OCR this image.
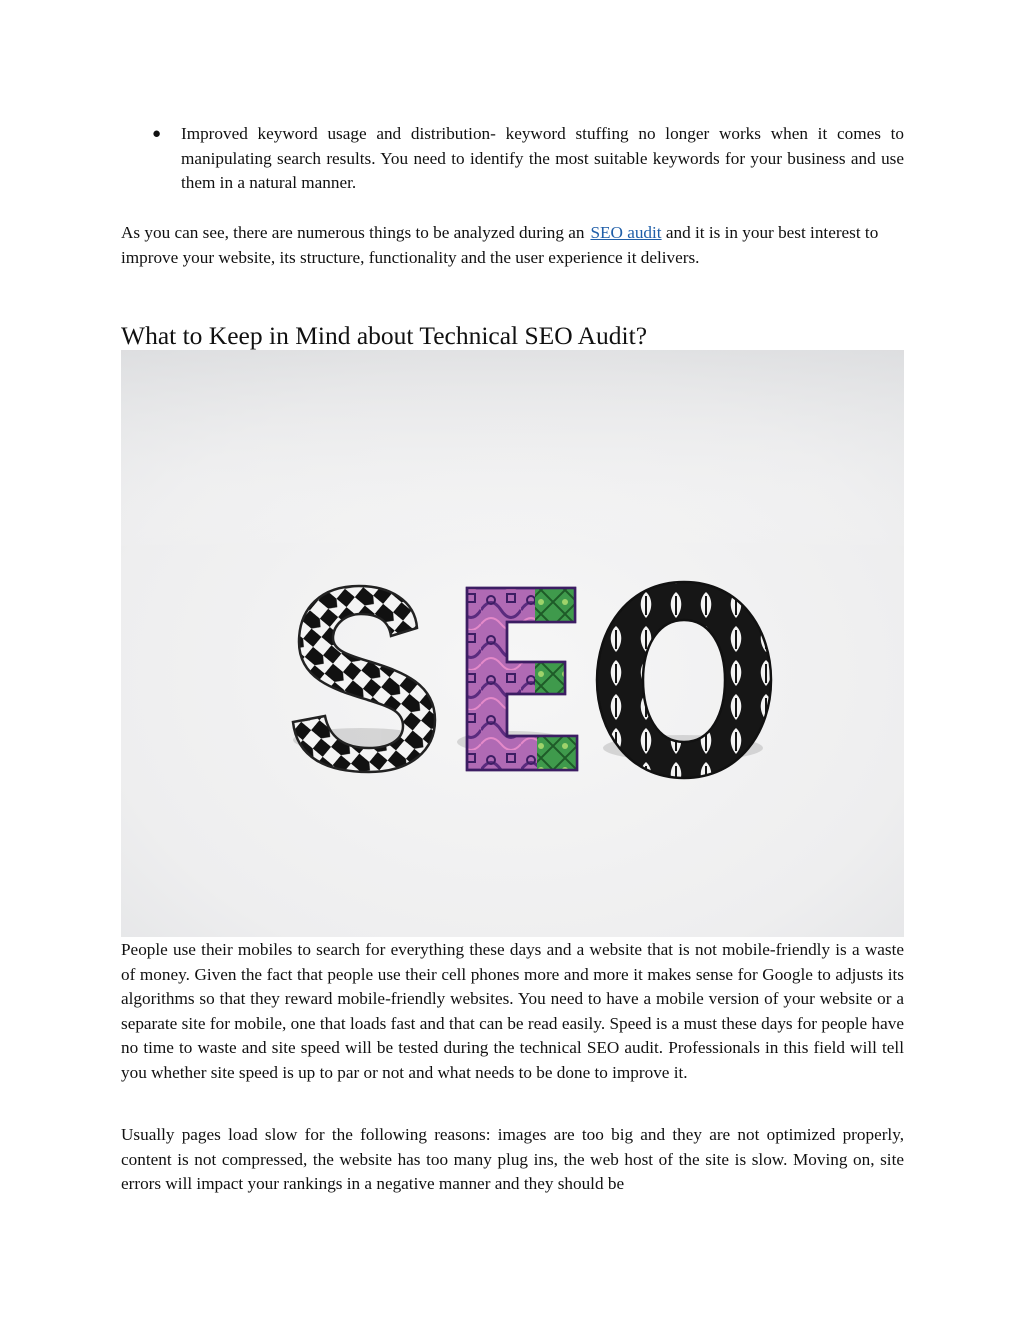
● Improved keyword usage and distribution- keyword stuffing no longer works when it comes to manipulating search results. You need to identify the most suitable keywords for your business and use them in a natural manner.

As you can see, there are numerous things to be analyzed during an SEO audit and it is in your best interest to improve your website, its structure, functionality and the user experience it delivers.

What to Keep in Mind about Technical SEO Audit?

People use their mobiles to search for everything these days and a website that is not mobile-friendly is a waste of money. Given the fact that people use their cell phones more and more it makes sense for Google to adjusts its algorithms so that they reward mobile-friendly websites. You need to have a mobile version of your website or a separate site for mobile, one that loads fast and that can be read easily. Speed is a must these days for people have no time to waste and site speed will be tested during the technical SEO audit. Professionals in this field will tell you whether site speed is up to par or not and what needs to be done to improve it.

Usually pages load slow for the following reasons: images are too big and they are not optimized properly, content is not compressed, the website has too many plug ins, the web host of the site is slow. Moving on, site errors will impact your rankings in a negative manner and they should be
